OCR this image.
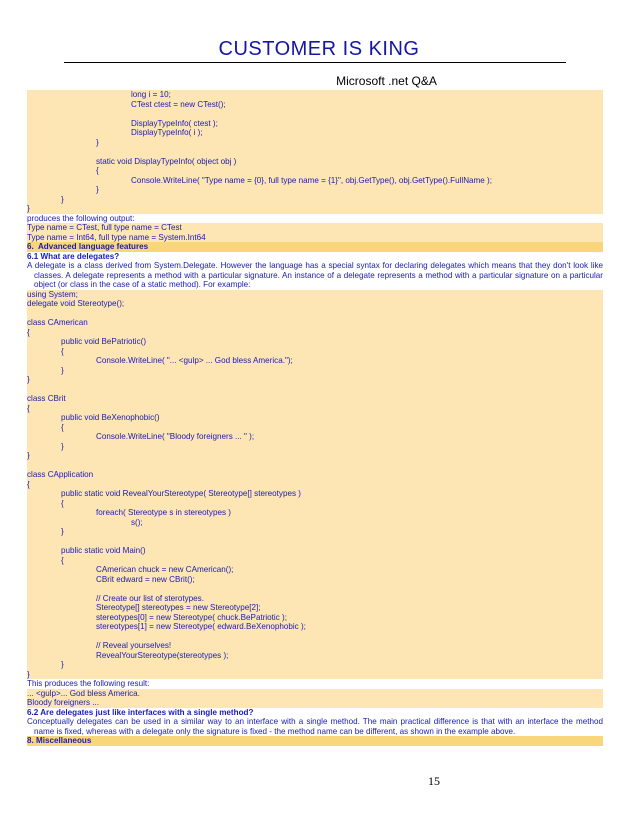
CUSTOMER IS KING
Microsoft .net Q&A
long i = 10;
CTest ctest = new CTest();
DisplayTypeInfo( ctest );
DisplayTypeInfo( i );
}
static void DisplayTypeInfo( object obj )
{
Console.WriteLine( "Type name = {0}, full type name = {1}", obj.GetType(), obj.GetType().FullName );
}
}
}
produces the following output:
Type name = CTest, full type name = CTest
Type name = Int64, full type name = System.Int64
6.  Advanced language features
6.1 What are delegates?
A delegate is a class derived from System.Delegate. However the language has a special syntax for declaring delegates which means that they don't look like classes. A delegate represents a method with a particular signature. An instance of a delegate represents a method with a particular signature on a particular object (or class in the case of a static method). For example:
using System;
delegate void Stereotype();
class CAmerican
{
public void BePatriotic()
{
Console.WriteLine( "... <gulp> ... God bless America.");
}
}
class CBrit
{
public void BeXenophobic()
{
Console.WriteLine( "Bloody foreigners ... " );
}
}
class CApplication
{
public static void RevealYourStereotype( Stereotype[] stereotypes )
{
foreach( Stereotype s in stereotypes )
s();
}
public static void Main()
{
CAmerican chuck = new CAmerican();
CBrit edward = new CBrit();
// Create our list of sterotypes.
Stereotype[] stereotypes = new Stereotype[2];
stereotypes[0] = new Stereotype( chuck.BePatriotic );
stereotypes[1] = new Stereotype( edward.BeXenophobic );
// Reveal yourselves!
RevealYourStereotype(stereotypes );
}
}
This produces the following result:
... <gulp>... God bless America.
Bloody foreigners ...
6.2 Are delegates just like interfaces with a single method?
Conceptually delegates can be used in a similar way to an interface with a single method. The main practical difference is that with an interface the method name is fixed, whereas with a delegate only the signature is fixed - the method name can be different, as shown in the example above.
8. Miscellaneous
15
